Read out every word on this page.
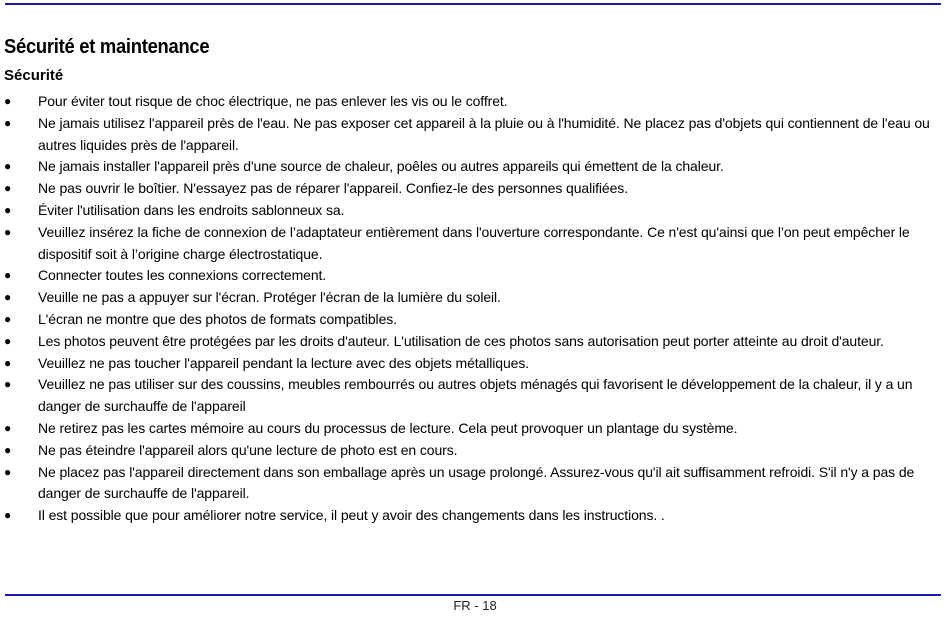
Sécurité et maintenance
Sécurité
● Pour éviter tout risque de choc électrique, ne pas enlever les vis ou le coffret.
● Ne jamais utilisez l'appareil près de l'eau. Ne pas exposer cet appareil à la pluie ou à l'humidité. Ne placez pas d'objets qui contiennent de l'eau ou autres liquides près de l'appareil.
● Ne jamais installer l'appareil près d'une source de chaleur, poêles ou autres appareils qui émettent de la chaleur.
● Ne pas ouvrir le boîtier. N'essayez pas de réparer l'appareil. Confiez-le des personnes qualifiées.
● Éviter l'utilisation dans les endroits sablonneux sa.
● Veuillez insérez la fiche de connexion de l’adaptateur entièrement dans l'ouverture correspondante. Ce n'est qu'ainsi que l’on peut empêcher le dispositif soit à l’origine charge électrostatique.
● Connecter toutes les connexions correctement.
● Veuille ne pas a appuyer sur l'écran. Protéger l'écran de la lumière du soleil.
● L'écran ne montre que des photos de formats compatibles.
● Les photos peuvent être protégées par les droits d'auteur. L'utilisation de ces photos sans autorisation peut porter atteinte au droit d'auteur.
● Veuillez ne pas toucher l'appareil pendant la lecture avec des objets métalliques.
● Veuillez ne pas utiliser sur des coussins, meubles rembourrés ou autres objets ménagés qui favorisent le développement de la chaleur, il y a un danger de surchauffe de l'appareil
● Ne retirez pas les cartes mémoire au cours du processus de lecture. Cela peut provoquer un plantage du système.
● Ne pas éteindre l'appareil alors qu'une lecture de photo est en cours.
● Ne placez pas l'appareil directement dans son emballage après un usage prolongé. Assurez-vous qu'il ait suffisamment refroidi. S'il n'y a pas de danger de surchauffe de l'appareil.
● Il est possible que pour améliorer notre service, il peut y avoir des changements dans les instructions. .
FR - 18
